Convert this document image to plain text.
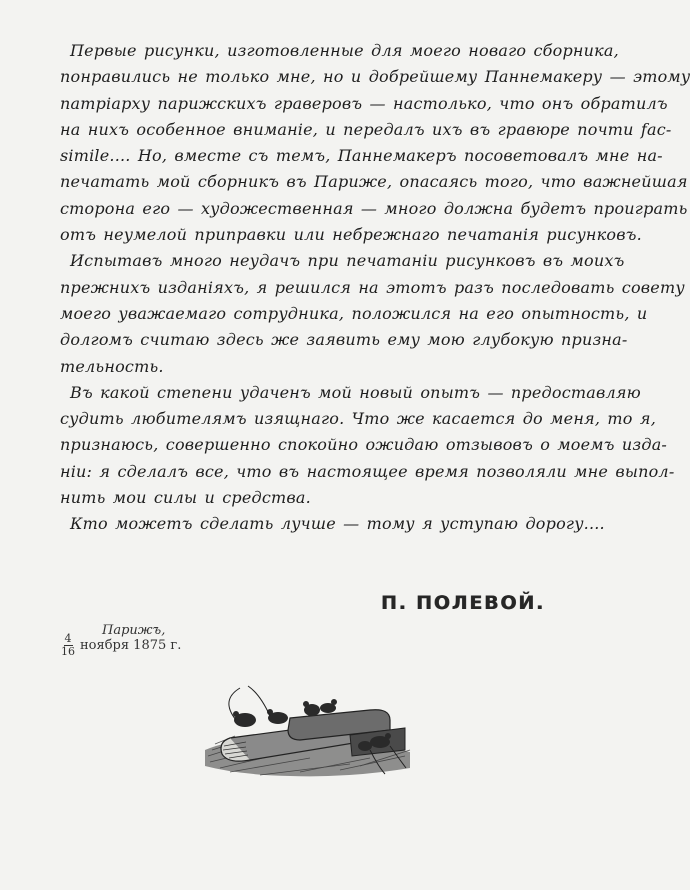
Первые рисунки, изготовленные для моего новаго сборника,
понравились не только мне, но и добрейшему Паннемакеру — этому
патріарху парижскихъ граверовъ — настолько, что онъ обратилъ
на нихъ особенное вниманіе, и передалъ ихъ въ гравюре почти fac-
simile.... Но, вместе съ темъ, Паннемакеръ посоветовалъ мне на-
печатать мой сборникъ въ Париже, опасаясь того, что важнейшая
сторона его — художественная — много должна будетъ проиграть
отъ неумелой приправки или небрежнаго печатанія рисунковъ.
Испытавъ много неудачъ при печатаніи рисунковъ въ моихъ
прежнихъ изданіяхъ, я решился на этотъ разъ последовать совету
моего уважаемаго сотрудника, положился на его опытность, и
долгомъ считаю здесь же заявить ему мою глубокую призна-
тельность.
Въ какой степени удаченъ мой новый опытъ — предоставляю
судить любителямъ изящнаго. Что же касается до меня, то я,
признаюсь, совершенно спокойно ожидаю отзывовъ о моемъ изда-
ніи: я сделалъ все, что въ настоящее время позволяли мне выпол-
нить мои силы и средства.
Кто можетъ сделать лучше — тому я уступаю дорогу....
П. ПОЛЕВОЙ.
Парижъ,
$\frac{4}{16}$ ноября 1875 г.
